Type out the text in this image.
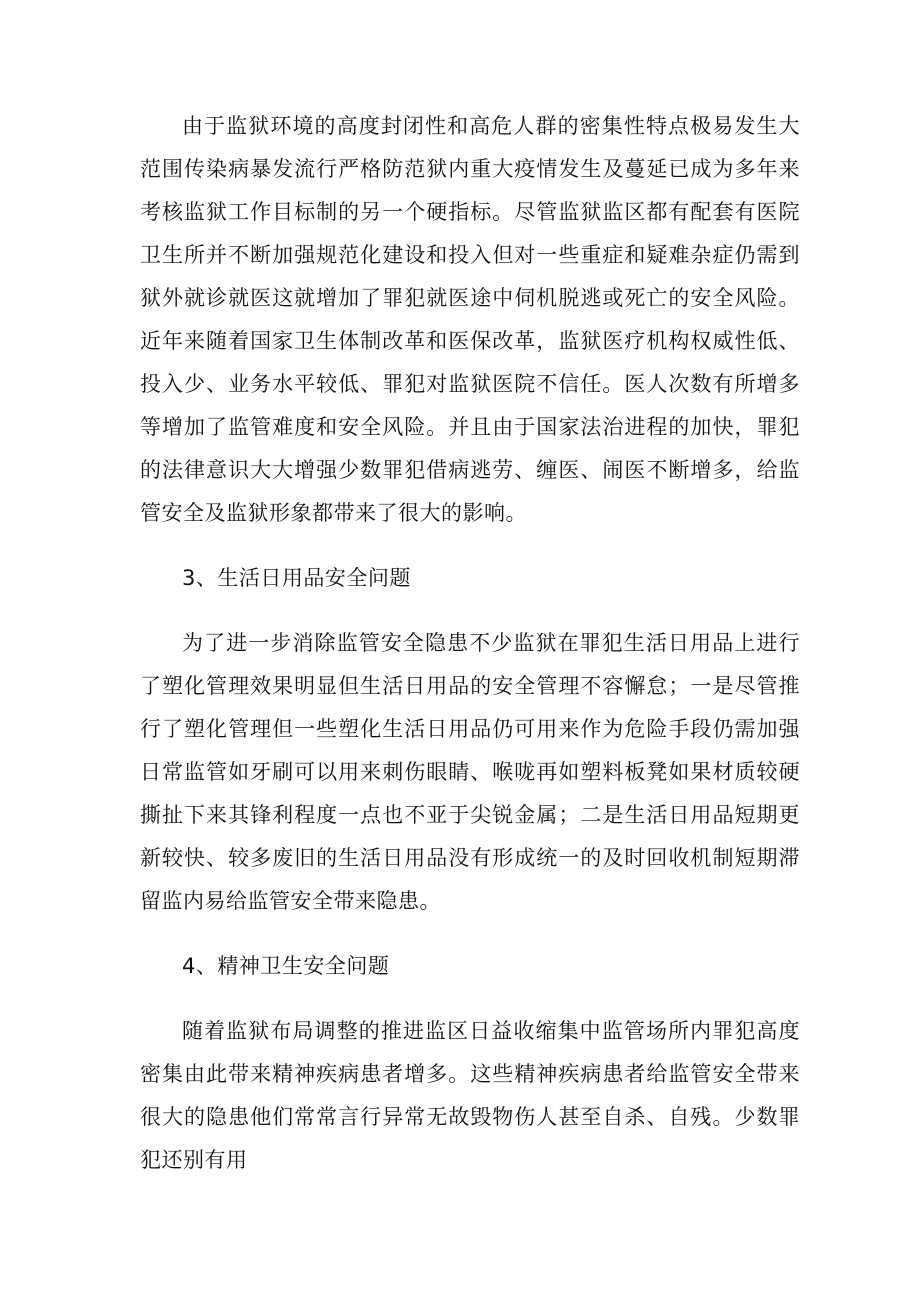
由于监狱环境的高度封闭性和高危人群的密集性特点极易发生大范围传染病暴发流行严格防范狱内重大疫情发生及蔓延已成为多年来考核监狱工作目标制的另一个硬指标。尽管监狱监区都有配套有医院卫生所并不断加强规范化建设和投入但对一些重症和疑难杂症仍需到狱外就诊就医这就增加了罪犯就医途中伺机脱逃或死亡的安全风险。近年来随着国家卫生体制改革和医保改革，监狱医疗机构权威性低、投入少、业务水平较低、罪犯对监狱医院不信任。医人次数有所增多等增加了监管难度和安全风险。并且由于国家法治进程的加快，罪犯的法律意识大大增强少数罪犯借病逃劳、缠医、闹医不断增多，给监管安全及监狱形象都带来了很大的影响。

3、生活日用品安全问题

为了进一步消除监管安全隐患不少监狱在罪犯生活日用品上进行了塑化管理效果明显但生活日用品的安全管理不容懈怠；一是尽管推行了塑化管理但一些塑化生活日用品仍可用来作为危险手段仍需加强日常监管如牙刷可以用来刺伤眼睛、喉咙再如塑料板凳如果材质较硬撕扯下来其锋利程度一点也不亚于尖锐金属；二是生活日用品短期更新较快、较多废旧的生活日用品没有形成统一的及时回收机制短期滞留监内易给监管安全带来隐患。

4、精神卫生安全问题

随着监狱布局调整的推进监区日益收缩集中监管场所内罪犯高度密集由此带来精神疾病患者增多。这些精神疾病患者给监管安全带来很大的隐患他们常常言行异常无故毁物伤人甚至自杀、自残。少数罪犯还别有用
